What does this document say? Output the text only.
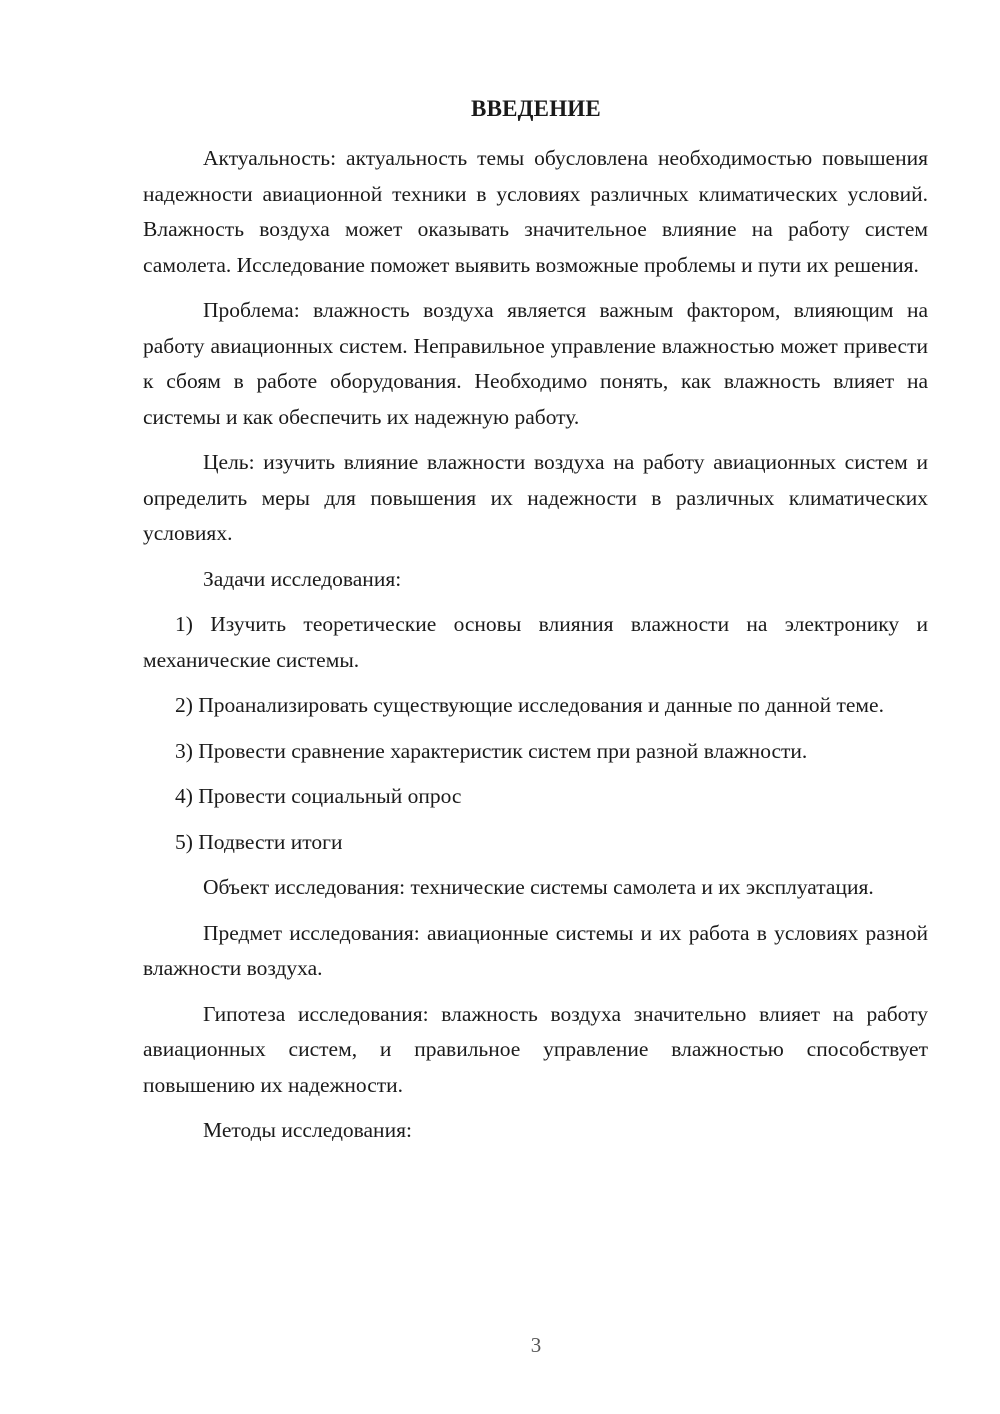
ВВЕДЕНИЕ

Актуальность: актуальность темы обусловлена необходимостью повышения надежности авиационной техники в условиях различных климатических условий. Влажность воздуха может оказывать значительное влияние на работу систем самолета. Исследование поможет выявить возможные проблемы и пути их решения.

Проблема: влажность воздуха является важным фактором, влияющим на работу авиационных систем. Неправильное управление влажностью может привести к сбоям в работе оборудования. Необходимо понять, как влажность влияет на системы и как обеспечить их надежную работу.

Цель: изучить влияние влажности воздуха на работу авиационных систем и определить меры для повышения их надежности в различных климатических условиях.

Задачи исследования:

1) Изучить теоретические основы влияния влажности на электронику и механические системы.

2) Проанализировать существующие исследования и данные по данной теме.

3) Провести сравнение характеристик систем при разной влажности.

4) Провести социальный опрос

5) Подвести итоги

Объект исследования: технические системы самолета и их эксплуатация.

Предмет исследования: авиационные системы и их работа в условиях разной влажности воздуха.

Гипотеза исследования: влажность воздуха значительно влияет на работу авиационных систем, и правильное управление влажностью способствует повышению их надежности.

Методы исследования:

3
